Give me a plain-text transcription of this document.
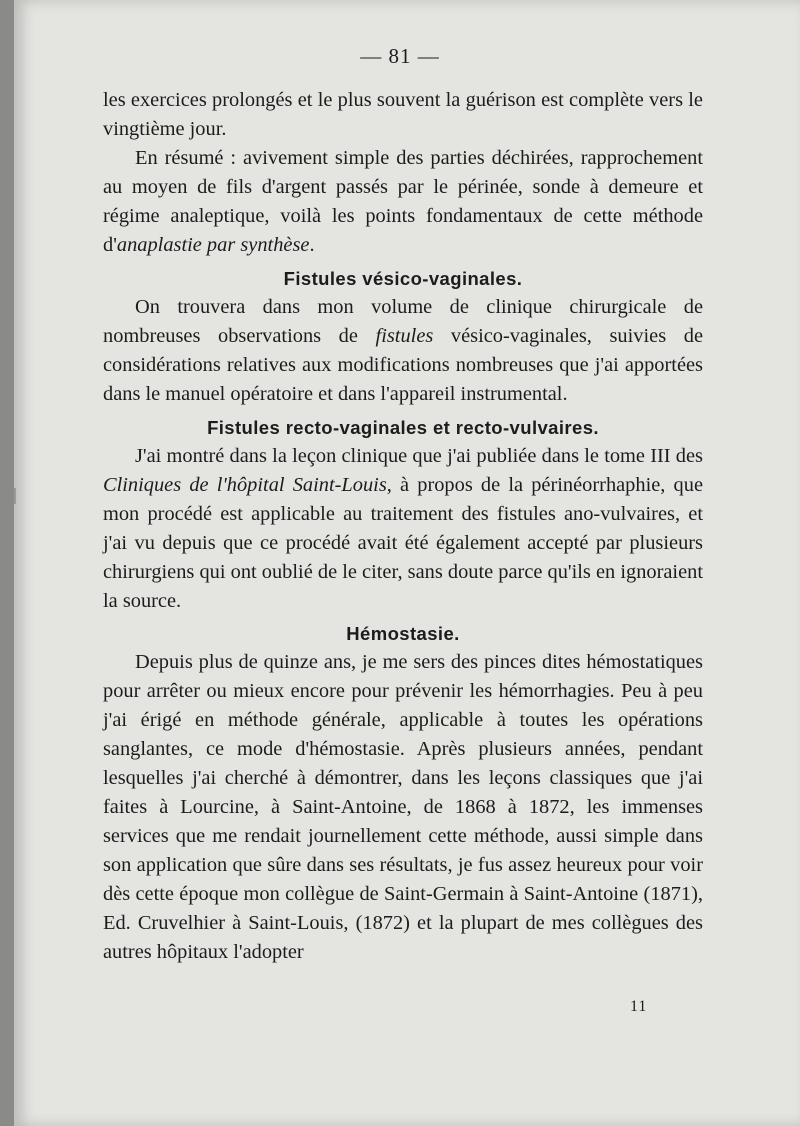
— 81 —

les exercices prolongés et le plus souvent la guérison est complète vers le vingtième jour.

En résumé : avivement simple des parties déchirées, rapprochement au moyen de fils d'argent passés par le périnée, sonde à demeure et régime analeptique, voilà les points fondamentaux de cette méthode d'anaplastie par synthèse.

Fistules vésico-vaginales.

On trouvera dans mon volume de clinique chirurgicale de nombreuses observations de fistules vésico-vaginales, suivies de considérations relatives aux modifications nombreuses que j'ai apportées dans le manuel opératoire et dans l'appareil instrumental.

Fistules recto-vaginales et recto-vulvaires.

J'ai montré dans la leçon clinique que j'ai publiée dans le tome III des Cliniques de l'hôpital Saint-Louis, à propos de la périnéorrhaphie, que mon procédé est applicable au traitement des fistules ano-vulvaires, et j'ai vu depuis que ce procédé avait été également accepté par plusieurs chirurgiens qui ont oublié de le citer, sans doute parce qu'ils en ignoraient la source.

Hémostasie.

Depuis plus de quinze ans, je me sers des pinces dites hémostatiques pour arrêter ou mieux encore pour prévenir les hémorrhagies. Peu à peu j'ai érigé en méthode générale, applicable à toutes les opérations sanglantes, ce mode d'hémostasie. Après plusieurs années, pendant lesquelles j'ai cherché à démontrer, dans les leçons classiques que j'ai faites à Lourcine, à Saint-Antoine, de 1868 à 1872, les immenses services que me rendait journellement cette méthode, aussi simple dans son application que sûre dans ses résultats, je fus assez heureux pour voir dès cette époque mon collègue de Saint-Germain à Saint-Antoine (1871), Ed. Cruvelhier à Saint-Louis, (1872) et la plupart de mes collègues des autres hôpitaux l'adopter

11
